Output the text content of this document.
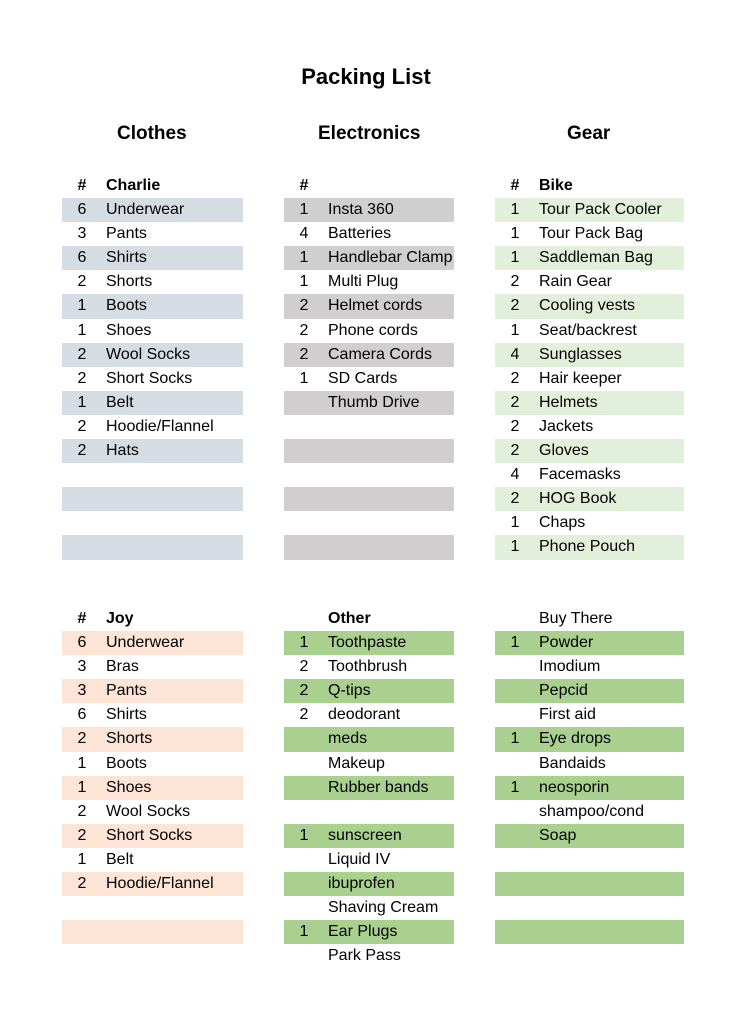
Packing List
Clothes	Electronics	Gear
#	Charlie
6	Underwear
3	Pants
6	Shirts
2	Shorts
1	Boots
1	Shoes
2	Wool Socks
2	Short Socks
1	Belt
2	Hoodie/Flannel
2	Hats
#
1	Insta 360
4	Batteries
1	Handlebar Clamp
1	Multi Plug
2	Helmet cords
2	Phone cords
2	Camera Cords
1	SD Cards
Thumb Drive
#	Bike
1	Tour Pack Cooler
1	Tour Pack Bag
1	Saddleman Bag
2	Rain Gear
2	Cooling vests
1	Seat/backrest
4	Sunglasses
2	Hair keeper
2	Helmets
2	Jackets
2	Gloves
4	Facemasks
2	HOG Book
1	Chaps
1	Phone Pouch
#	Joy
6	Underwear
3	Bras
3	Pants
6	Shirts
2	Shorts
1	Boots
1	Shoes
2	Wool Socks
2	Short Socks
1	Belt
2	Hoodie/Flannel
Other
1	Toothpaste
2	Toothbrush
2	Q-tips
2	deodorant
meds
Makeup
Rubber bands
1	sunscreen
Liquid IV
ibuprofen
Shaving Cream
1	Ear Plugs
Park Pass
Buy There
1	Powder
Imodium
Pepcid
First aid
1	Eye drops
Bandaids
1	neosporin
shampoo/cond
Soap
